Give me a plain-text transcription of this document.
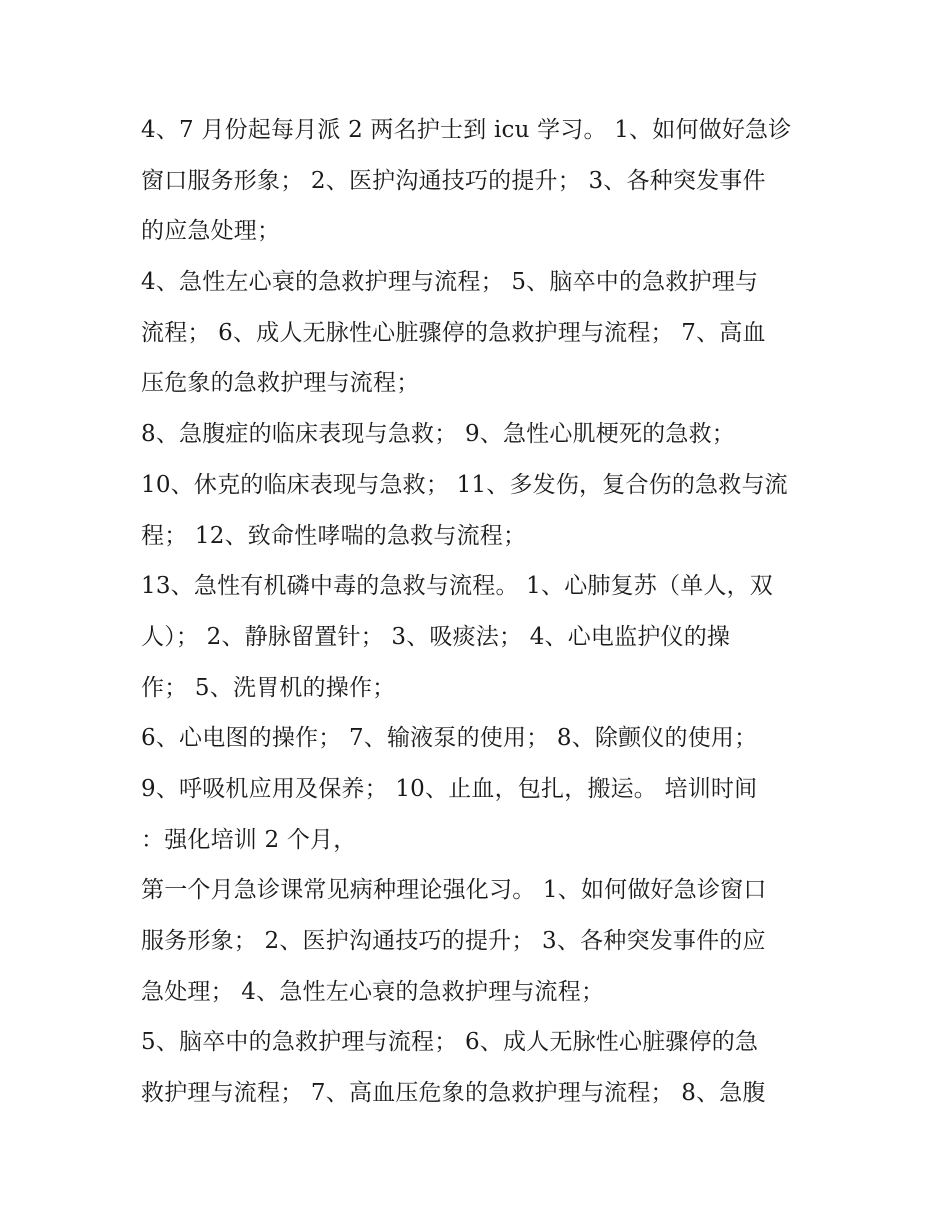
4、7 月份起每月派 2 两名护士到 icu 学习。 1、如何做好急诊
窗口服务形象； 2、医护沟通技巧的提升； 3、各种突发事件
的应急处理；
4、急性左心衰的急救护理与流程； 5、脑卒中的急救护理与
流程； 6、成人无脉性心脏骤停的急救护理与流程； 7、高血
压危象的急救护理与流程；
8、急腹症的临床表现与急救； 9、急性心肌梗死的急救；
10、休克的临床表现与急救； 11、多发伤，复合伤的急救与流
程； 12、致命性哮喘的急救与流程；
13、急性有机磷中毒的急救与流程。 1、心肺复苏（单人，双
人）； 2、静脉留置针； 3、吸痰法； 4、心电监护仪的操
作； 5、洗胃机的操作；
6、心电图的操作； 7、输液泵的使用； 8、除颤仪的使用；
9、呼吸机应用及保养； 10、止血，包扎，搬运。 培训时间
：强化培训 2 个月，
第一个月急诊课常见病种理论强化习。 1、如何做好急诊窗口
服务形象； 2、医护沟通技巧的提升； 3、各种突发事件的应
急处理； 4、急性左心衰的急救护理与流程；
5、脑卒中的急救护理与流程； 6、成人无脉性心脏骤停的急
救护理与流程； 7、高血压危象的急救护理与流程； 8、急腹
